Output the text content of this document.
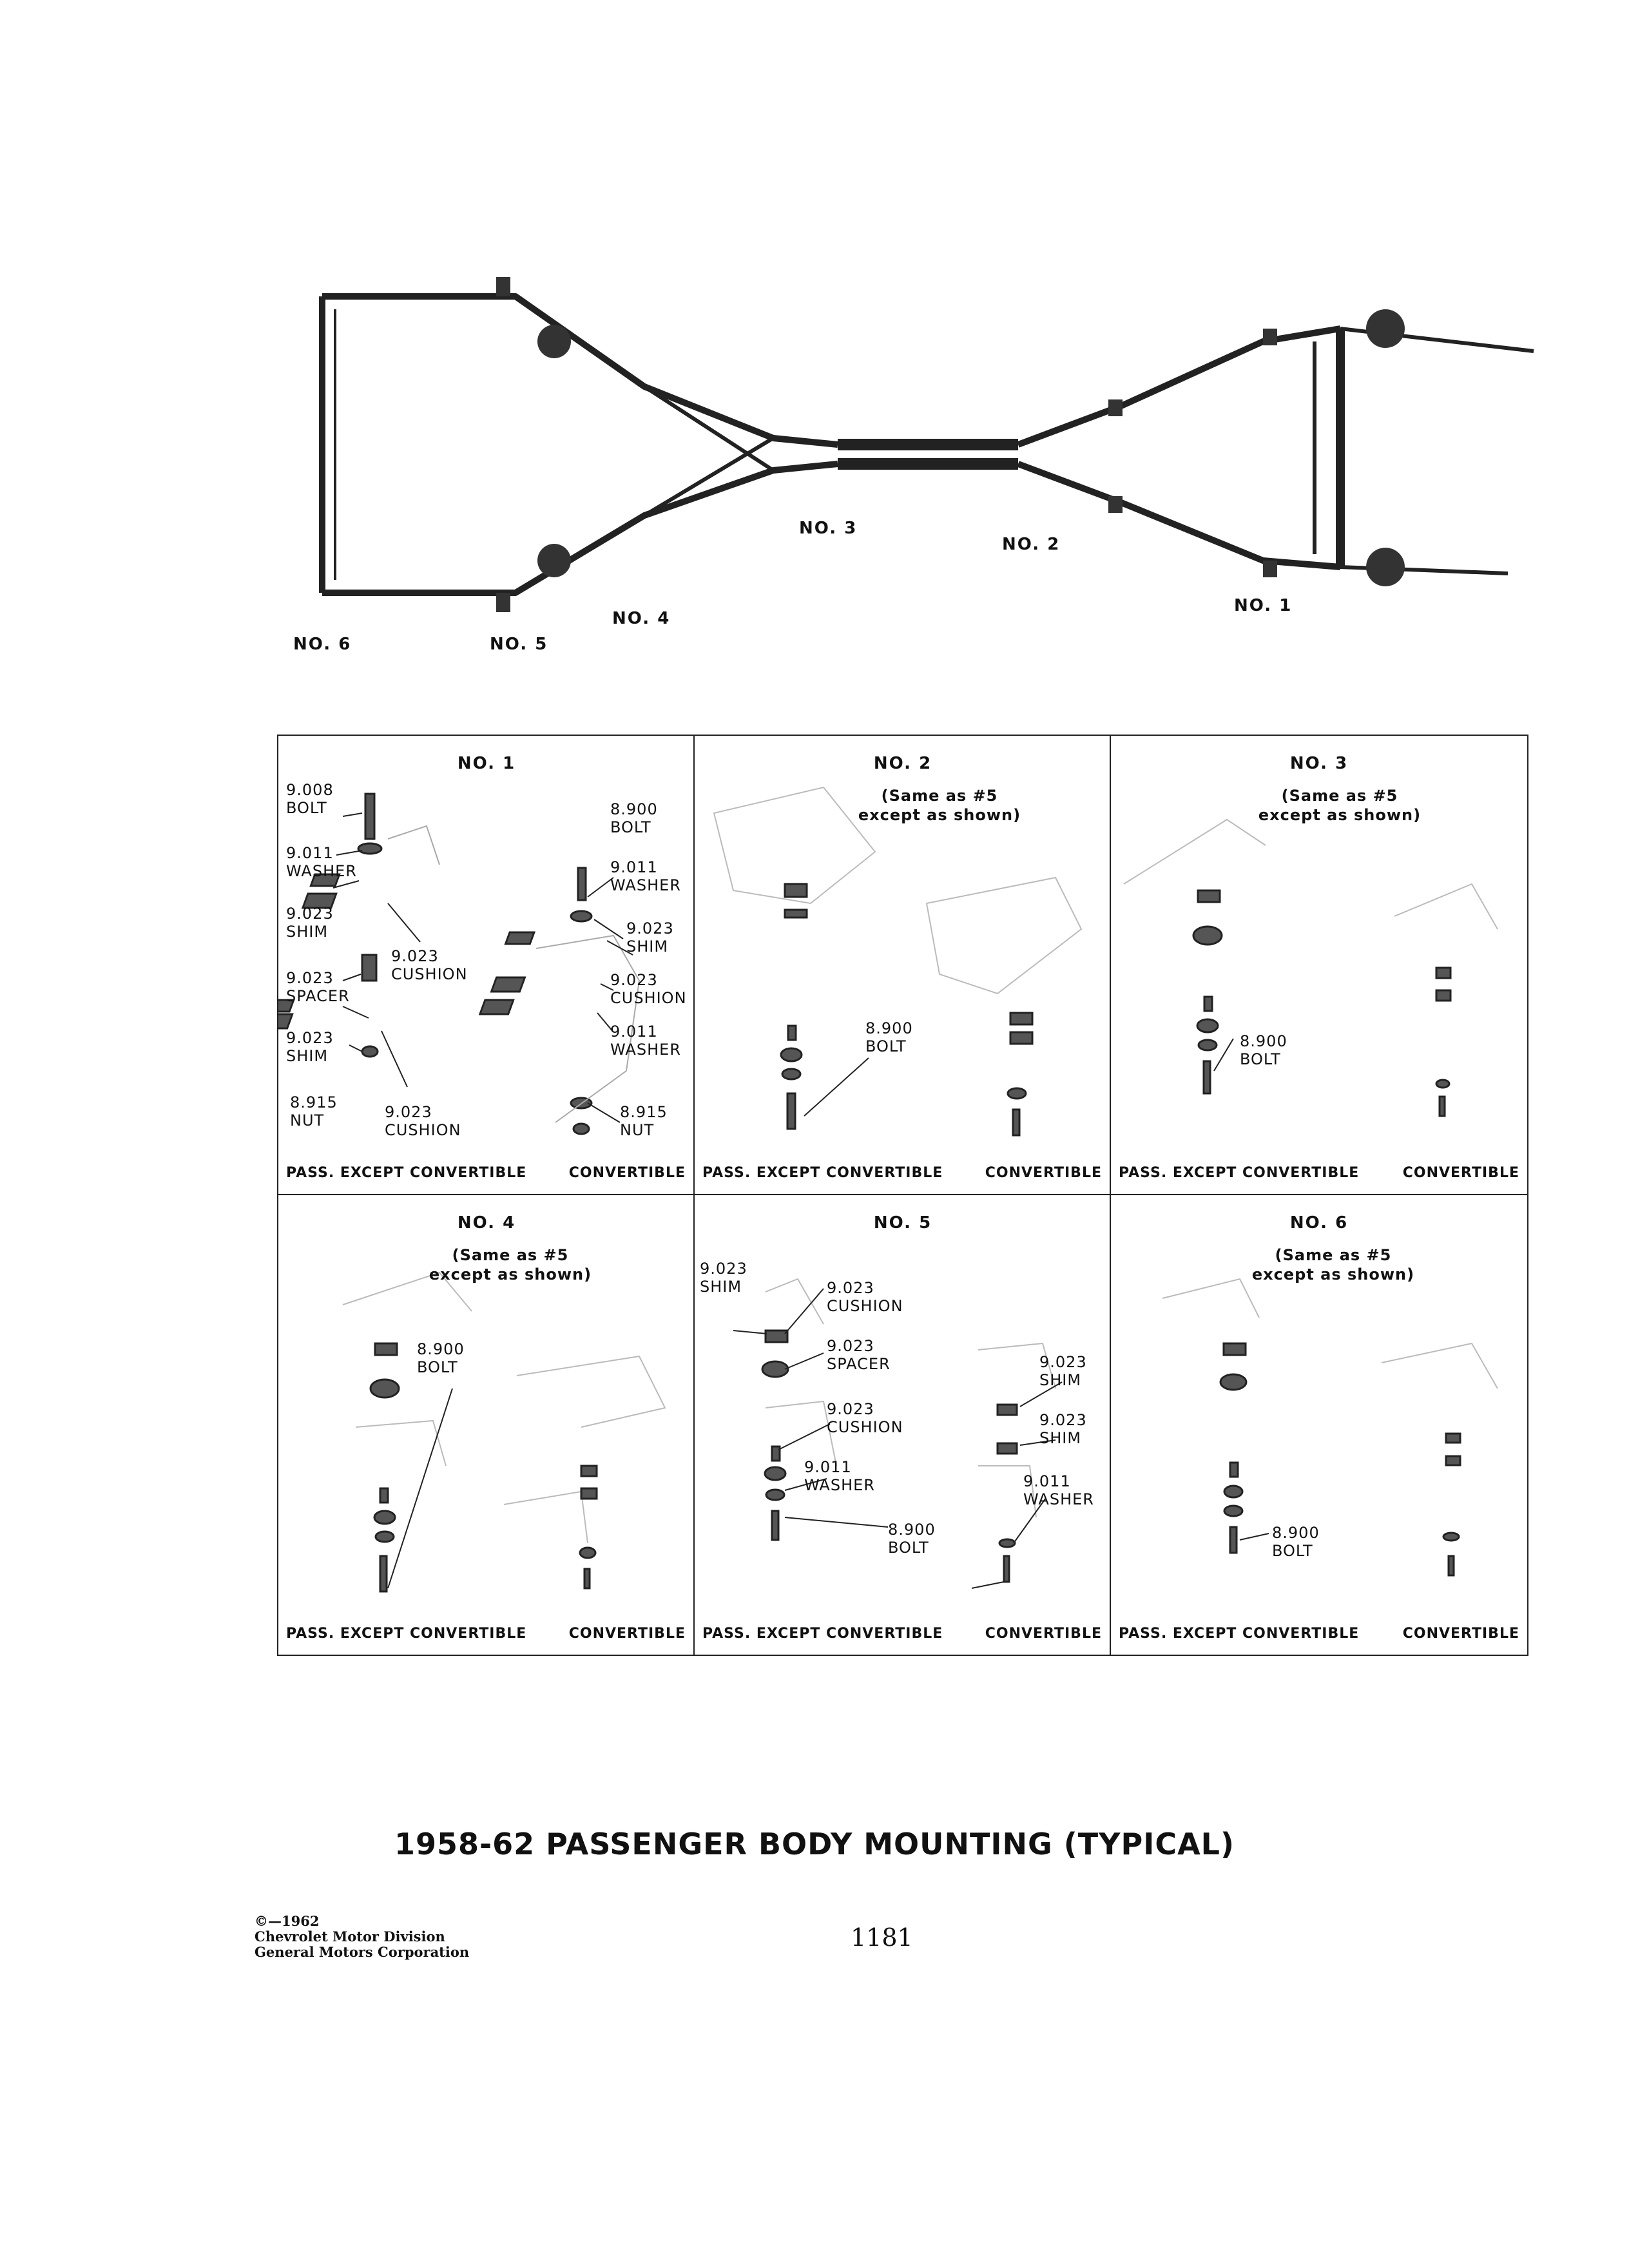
NO. 6	NO. 5
NO. 4
NO. 3
NO. 2
NO. 1
NO. 1
9.008
BOLT
9.011
WASHER
9.023
SHIM
9.023
CUSHION
9.023
SPACER
9.023
SHIM
8.915
NUT	9.023
CUSHION
8.900
BOLT
9.011
WASHER
9.023
SHIM
9.023
CUSHION
9.011
WASHER
8.915
NUT
PASS. EXCEPT CONVERTIBLE	CONVERTIBLE
NO. 2
(Same as #5
except as shown)
8.900
BOLT
PASS. EXCEPT CONVERTIBLE	CONVERTIBLE
NO. 3
(Same as #5
except as shown)
8.900
BOLT
PASS. EXCEPT CONVERTIBLE	CONVERTIBLE
NO. 4
(Same as #5
except as shown)
8.900
BOLT
PASS. EXCEPT CONVERTIBLE	CONVERTIBLE
NO. 5
9.023
SHIM	9.023
CUSHION
9.023
SPACER
9.023
CUSHION
9.011
WASHER
8.900
BOLT
9.023
SHIM
9.023
SHIM
9.011
WASHER
PASS. EXCEPT CONVERTIBLE	CONVERTIBLE
NO. 6
(Same as #5
except as shown)
8.900
BOLT
PASS. EXCEPT CONVERTIBLE	CONVERTIBLE
1958-62 PASSENGER BODY MOUNTING (TYPICAL)
©—1962
Chevrolet Motor Division
General Motors Corporation
1181
